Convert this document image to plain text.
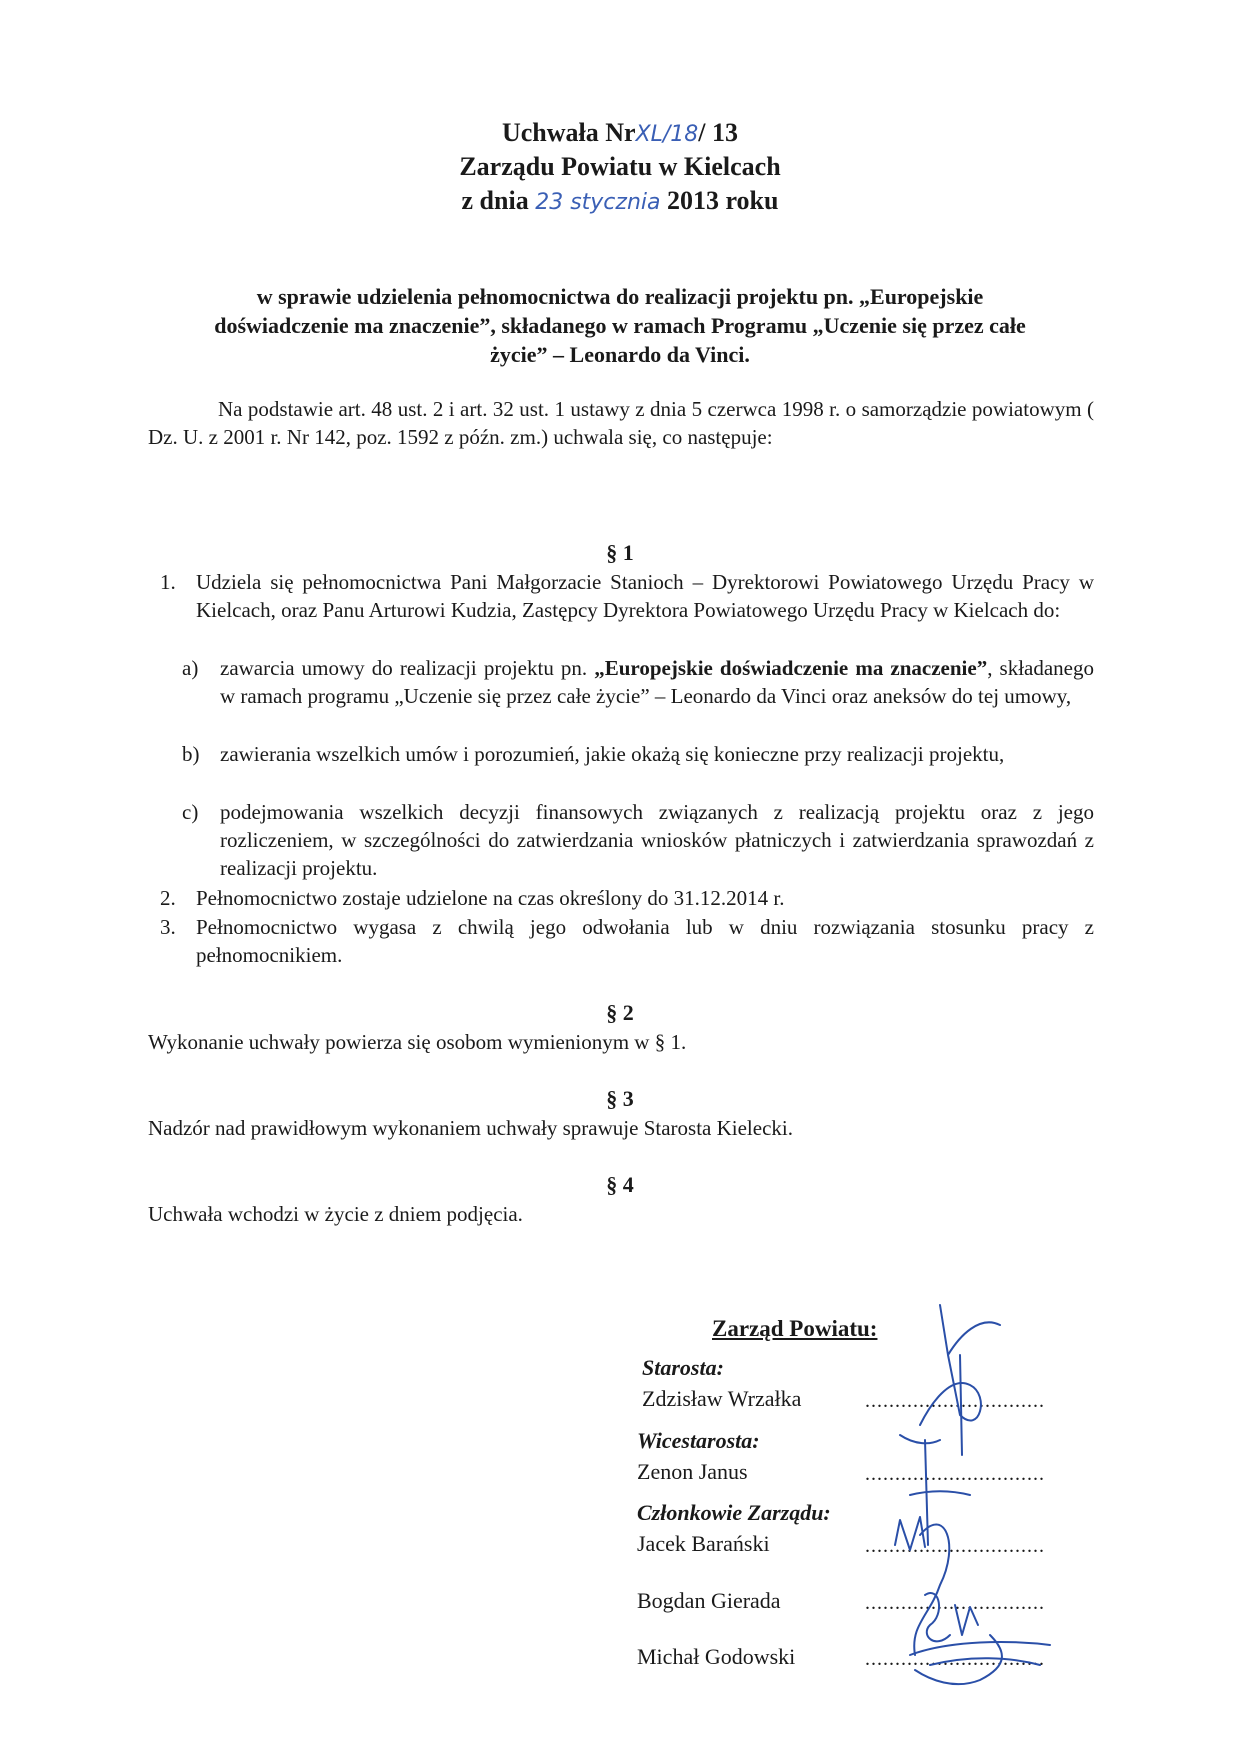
Uchwała NrXL/18/ 13
Zarządu Powiatu w Kielcach
z dnia 23 stycznia 2013 roku
w sprawie udzielenia pełnomocnictwa do realizacji projektu pn. „Europejskie
doświadczenie ma znaczenie”, składanego w ramach Programu „Uczenie się przez całe
życie” – Leonardo da Vinci.
Na podstawie art. 48 ust. 2 i art. 32 ust. 1 ustawy z dnia 5 czerwca 1998 r. o samorządzie powiatowym ( Dz. U. z 2001 r. Nr 142, poz. 1592 z późn. zm.) uchwala się, co następuje:
§ 1
1. Udziela się pełnomocnictwa Pani Małgorzacie Stanioch – Dyrektorowi Powiatowego Urzędu Pracy w Kielcach, oraz Panu Arturowi Kudzia, Zastępcy Dyrektora Powiatowego Urzędu Pracy w Kielcach do:
a) zawarcia umowy do realizacji projektu pn. „Europejskie doświadczenie ma znaczenie”, składanego w ramach programu „Uczenie się przez całe życie” – Leonardo da Vinci oraz aneksów do tej umowy,
b) zawierania wszelkich umów i porozumień, jakie okażą się konieczne przy realizacji projektu,
c) podejmowania wszelkich decyzji finansowych związanych z realizacją projektu oraz z jego rozliczeniem, w szczególności do zatwierdzania wniosków płatniczych i zatwierdzania sprawozdań z realizacji projektu.
2. Pełnomocnictwo zostaje udzielone na czas określony do 31.12.2014 r.
3. Pełnomocnictwo wygasa z chwilą jego odwołania lub w dniu rozwiązania stosunku pracy z pełnomocnikiem.
§ 2
Wykonanie uchwały powierza się osobom wymienionym w § 1.
§ 3
Nadzór nad prawidłowym wykonaniem uchwały sprawuje Starosta Kielecki.
§ 4
Uchwała wchodzi w życie z dniem podjęcia.
Zarząd Powiatu:
Starosta:
Zdzisław Wrzałka	..............................
Wicestarosta:
Zenon Janus	..............................
Członkowie Zarządu:
Jacek Barański	..............................
Bogdan Gierada	..............................
Michał Godowski	..............................
